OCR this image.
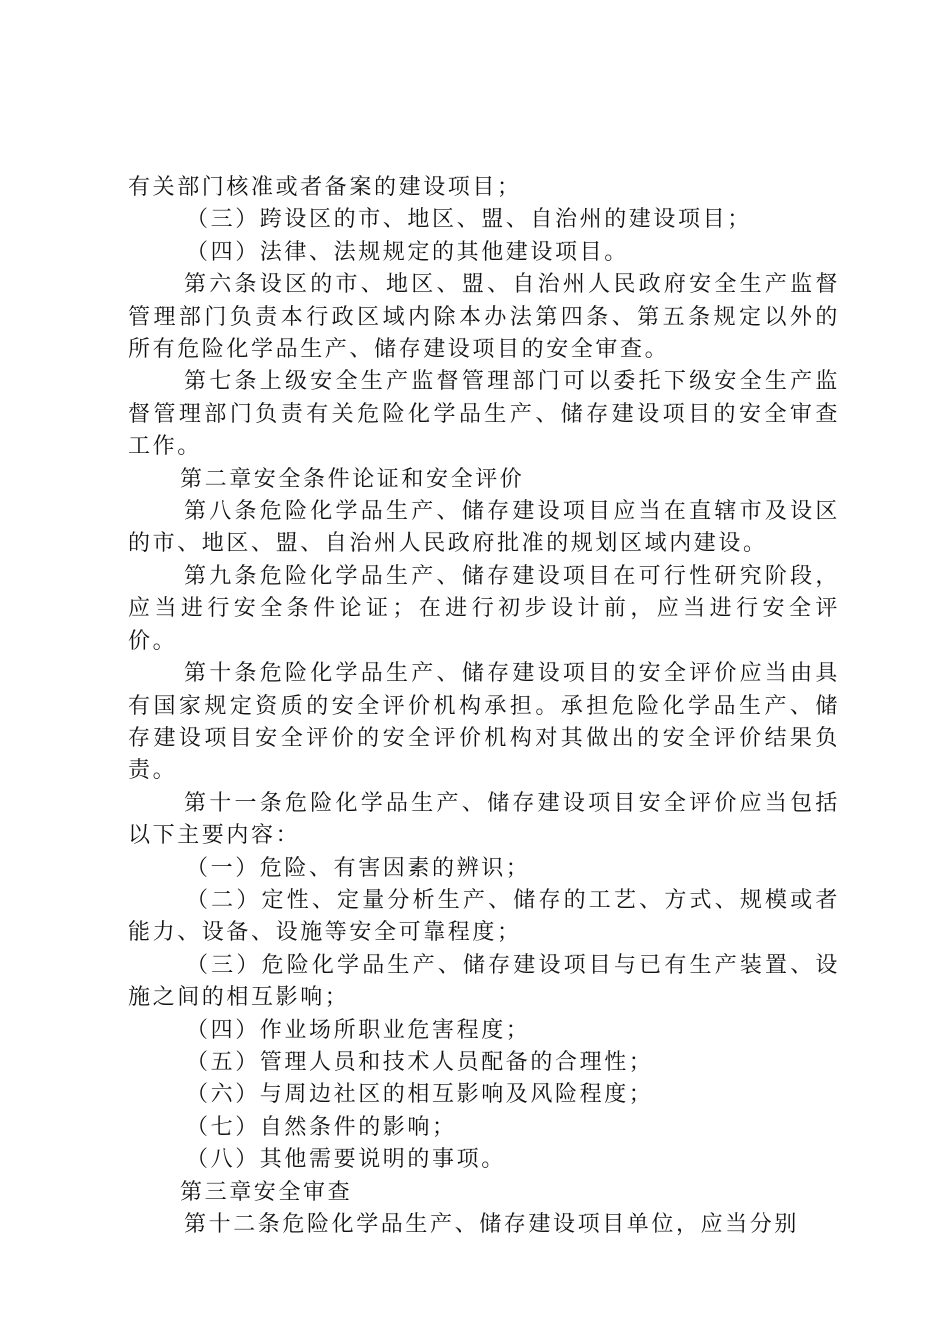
有关部门核准或者备案的建设项目；

（三）跨设区的市、地区、盟、自治州的建设项目；

（四）法律、法规规定的其他建设项目。

第六条设区的市、地区、盟、自治州人民政府安全生产监督管理部门负责本行政区域内除本办法第四条、第五条规定以外的所有危险化学品生产、储存建设项目的安全审查。

第七条上级安全生产监督管理部门可以委托下级安全生产监督管理部门负责有关危险化学品生产、储存建设项目的安全审查工作。

第二章安全条件论证和安全评价

第八条危险化学品生产、储存建设项目应当在直辖市及设区的市、地区、盟、自治州人民政府批准的规划区域内建设。

第九条危险化学品生产、储存建设项目在可行性研究阶段，应当进行安全条件论证；在进行初步设计前，应当进行安全评价。

第十条危险化学品生产、储存建设项目的安全评价应当由具有国家规定资质的安全评价机构承担。承担危险化学品生产、储存建设项目安全评价的安全评价机构对其做出的安全评价结果负责。

第十一条危险化学品生产、储存建设项目安全评价应当包括以下主要内容：

（一）危险、有害因素的辨识；

（二）定性、定量分析生产、储存的工艺、方式、规模或者能力、设备、设施等安全可靠程度；

（三）危险化学品生产、储存建设项目与已有生产装置、设施之间的相互影响；

（四）作业场所职业危害程度；

（五）管理人员和技术人员配备的合理性；

（六）与周边社区的相互影响及风险程度；

（七）自然条件的影响；

（八）其他需要说明的事项。

第三章安全审查

第十二条危险化学品生产、储存建设项目单位，应当分别
